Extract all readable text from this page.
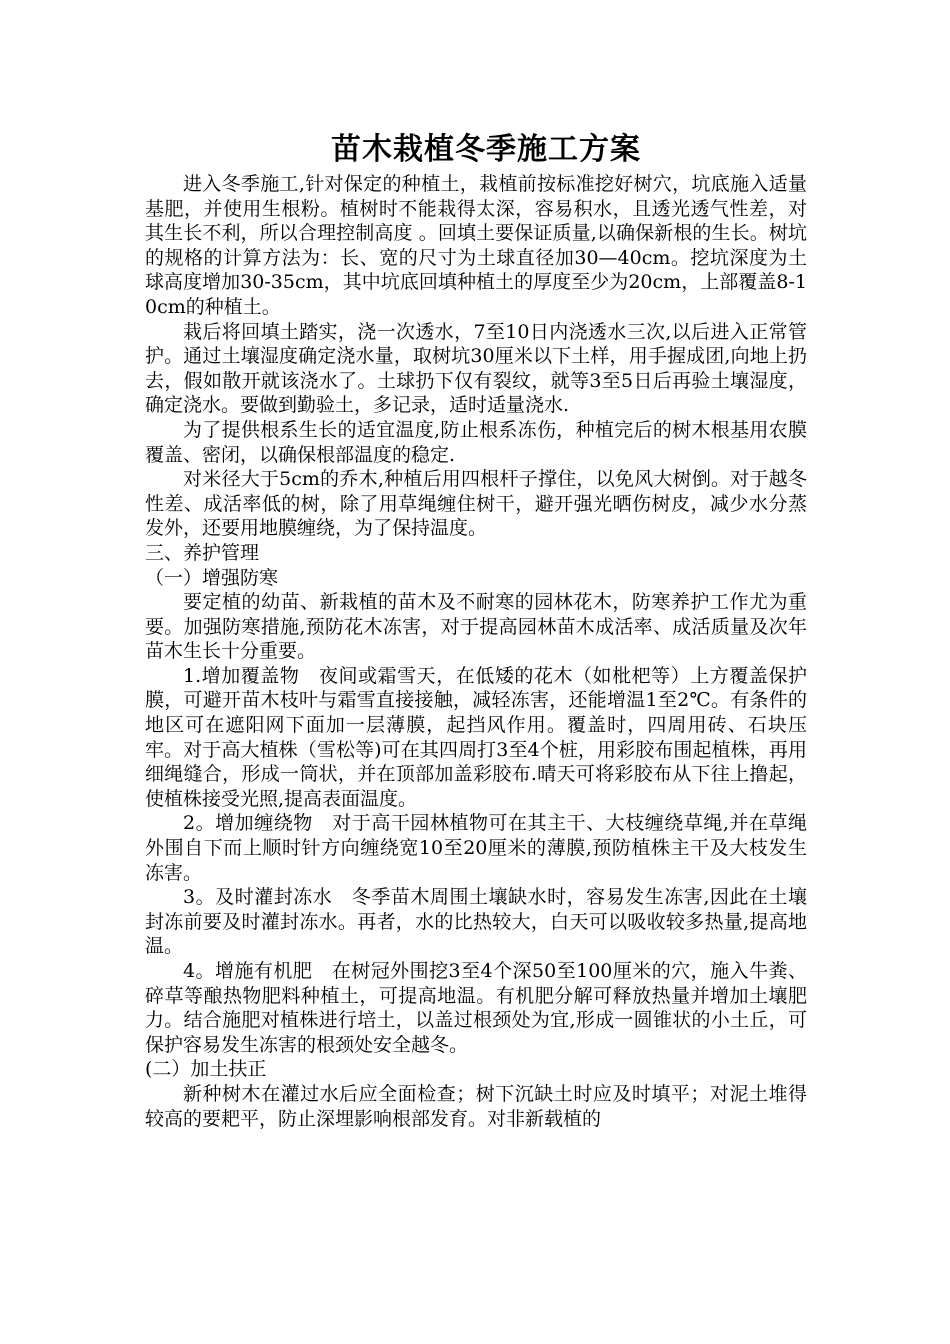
苗木栽植冬季施工方案

进入冬季施工,针对保定的种植土，栽植前按标准挖好树穴，坑底施入适量基肥，并使用生根粉。植树时不能栽得太深，容易积水，且透光透气性差，对其生长不利，所以合理控制高度 。回填土要保证质量,以确保新根的生长。树坑的规格的计算方法为：长、宽的尺寸为土球直径加30—40cm。挖坑深度为土球高度增加30-35cm，其中坑底回填种植土的厚度至少为20cm，上部覆盖8-10cm的种植土。

栽后将回填土踏实，浇一次透水，7至10日内浇透水三次,以后进入正常管护。通过土壤湿度确定浇水量，取树坑30厘米以下土样，用手握成团,向地上扔去，假如散开就该浇水了。土球扔下仅有裂纹，就等3至5日后再验土壤湿度，确定浇水。要做到勤验土，多记录，适时适量浇水.

为了提供根系生长的适宜温度,防止根系冻伤，种植完后的树木根基用农膜覆盖、密闭，以确保根部温度的稳定.

对米径大于5cm的乔木,种植后用四根杆子撑住，以免风大树倒。对于越冬性差、成活率低的树，除了用草绳缠住树干，避开强光晒伤树皮，减少水分蒸发外，还要用地膜缠绕，为了保持温度。

三、养护管理

（一）增强防寒

要定植的幼苗、新栽植的苗木及不耐寒的园林花木，防寒养护工作尤为重要。加强防寒措施,预防花木冻害，对于提高园林苗木成活率、成活质量及次年苗木生长十分重要。

1.增加覆盖物　夜间或霜雪天，在低矮的花木（如枇杷等）上方覆盖保护膜，可避开苗木枝叶与霜雪直接接触，减轻冻害，还能增温1至2℃。有条件的地区可在遮阳网下面加一层薄膜，起挡风作用。覆盖时，四周用砖、石块压牢。对于高大植株（雪松等)可在其四周打3至4个桩，用彩胶布围起植株，再用细绳缝合，形成一筒状，并在顶部加盖彩胶布.晴天可将彩胶布从下往上撸起，使植株接受光照,提高表面温度。

2。增加缠绕物　对于高干园林植物可在其主干、大枝缠绕草绳,并在草绳外围自下而上顺时针方向缠绕宽10至20厘米的薄膜,预防植株主干及大枝发生冻害。

3。及时灌封冻水　冬季苗木周围土壤缺水时，容易发生冻害,因此在土壤封冻前要及时灌封冻水。再者，水的比热较大，白天可以吸收较多热量,提高地温。

4。增施有机肥　在树冠外围挖3至4个深50至100厘米的穴，施入牛粪、碎草等酿热物肥料种植土，可提高地温。有机肥分解可释放热量并增加土壤肥力。结合施肥对植株进行培土，以盖过根颈处为宜,形成一圆锥状的小土丘，可保护容易发生冻害的根颈处安全越冬。

(二）加土扶正

新种树木在灌过水后应全面检查；树下沉缺土时应及时填平；对泥土堆得较高的要耙平，防止深埋影响根部发育。对非新载植的
